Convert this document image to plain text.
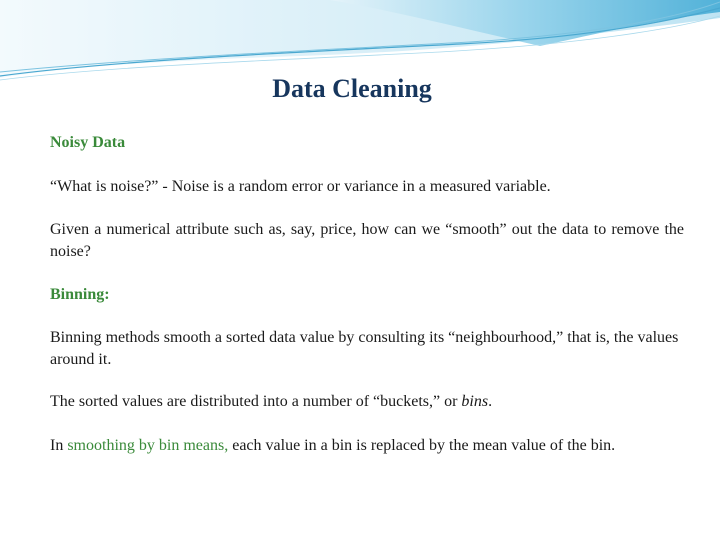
Data Cleaning
Noisy Data
“What is noise?” - Noise is a random error or variance in a measured variable.
Given a numerical attribute such as, say, price, how can we “smooth” out the data to remove the noise?
Binning:
Binning methods smooth a sorted data value by consulting its “neighbourhood,” that is, the values around it.
The sorted values are distributed into a number of “buckets,” or bins.
In smoothing by bin means, each value in a bin is replaced by the mean value of the bin.
